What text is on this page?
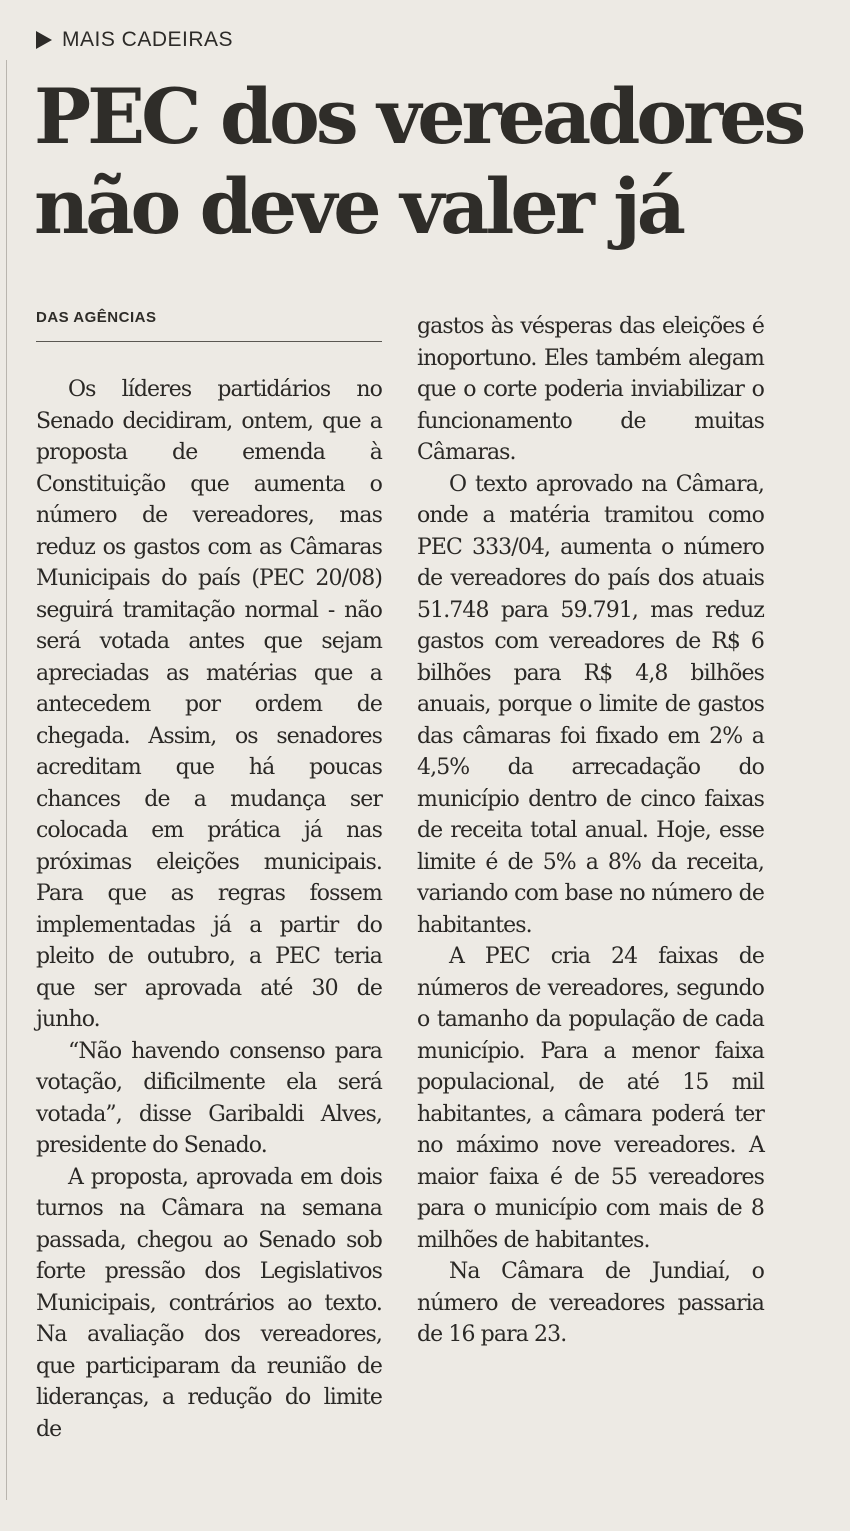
MAIS CADEIRAS
PEC dos vereadores
não deve valer já
DAS AGÊNCIAS

Os líderes partidários no Senado decidiram, ontem, que a proposta de emenda à Constituição que aumenta o número de vereadores, mas reduz os gastos com as Câmaras Municipais do país (PEC 20/08) seguirá tramitação normal - não será votada antes que sejam apreciadas as matérias que a antecedem por ordem de chegada. Assim, os senadores acreditam que há poucas chances de a mudança ser colocada em prática já nas próximas eleições municipais. Para que as regras fossem implementadas já a partir do pleito de outubro, a PEC teria que ser aprovada até 30 de junho.

“Não havendo consenso para votação, dificilmente ela será votada”, disse Garibaldi Alves, presidente do Senado.

A proposta, aprovada em dois turnos na Câmara na semana passada, chegou ao Senado sob forte pressão dos Legislativos Municipais, contrários ao texto. Na avaliação dos vereadores, que participaram da reunião de lideranças, a redução do limite de

gastos às vésperas das eleições é inoportuno. Eles também alegam que o corte poderia inviabilizar o funcionamento de muitas Câmaras.

O texto aprovado na Câmara, onde a matéria tramitou como PEC 333/04, aumenta o número de vereadores do país dos atuais 51.748 para 59.791, mas reduz gastos com vereadores de R$ 6 bilhões para R$ 4,8 bilhões anuais, porque o limite de gastos das câmaras foi fixado em 2% a 4,5% da arrecadação do município dentro de cinco faixas de receita total anual. Hoje, esse limite é de 5% a 8% da receita, variando com base no número de habitantes.

A PEC cria 24 faixas de números de vereadores, segundo o tamanho da população de cada município. Para a menor faixa populacional, de até 15 mil habitantes, a câmara poderá ter no máximo nove vereadores. A maior faixa é de 55 vereadores para o município com mais de 8 milhões de habitantes.

Na Câmara de Jundiaí, o número de vereadores passaria de 16 para 23.
